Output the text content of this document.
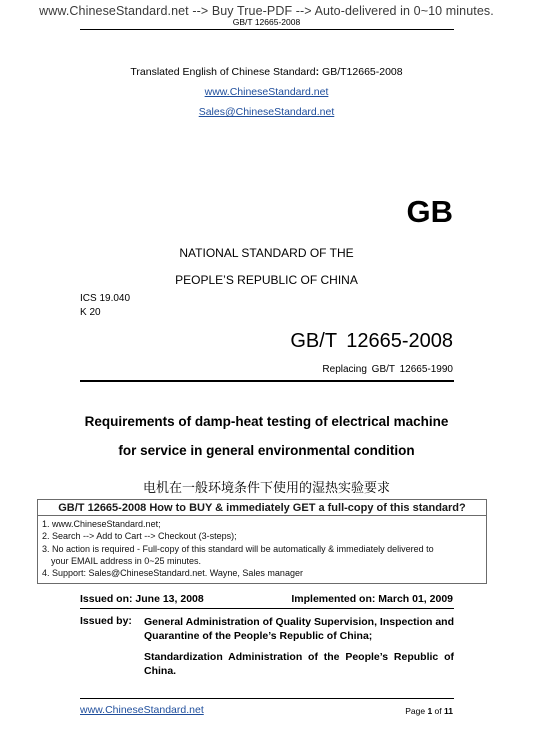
www.ChineseStandard.net --> Buy True-PDF --> Auto-delivered in 0~10 minutes.
GB/T 12665-2008
Translated English of Chinese Standard: GB/T12665-2008
www.ChineseStandard.net
Sales@ChineseStandard.net
GB
NATIONAL STANDARD OF THE
PEOPLE’S REPUBLIC OF CHINA
ICS 19.040
K 20
GB/T 12665-2008
Replacing GB/T 12665-1990
Requirements of damp-heat testing of electrical machine
for service in general environmental condition
电机在一般环境条件下使用的湿热实验要求
GB/T 12665-2008 How to BUY & immediately GET a full-copy of this standard?
1. www.ChineseStandard.net;
2. Search --> Add to Cart --> Checkout (3-steps);
3. No action is required - Full-copy of this standard will be automatically & immediately delivered to
your EMAIL address in 0~25 minutes.
4. Support: Sales@ChineseStandard.net. Wayne, Sales manager
Issued on: June 13, 2008	Implemented on: March 01, 2009
Issued by: General Administration of Quality Supervision, Inspection and Quarantine of the People’s Republic of China;
Standardization Administration of the People’s Republic of China.
www.ChineseStandard.net	Page 1 of 11
